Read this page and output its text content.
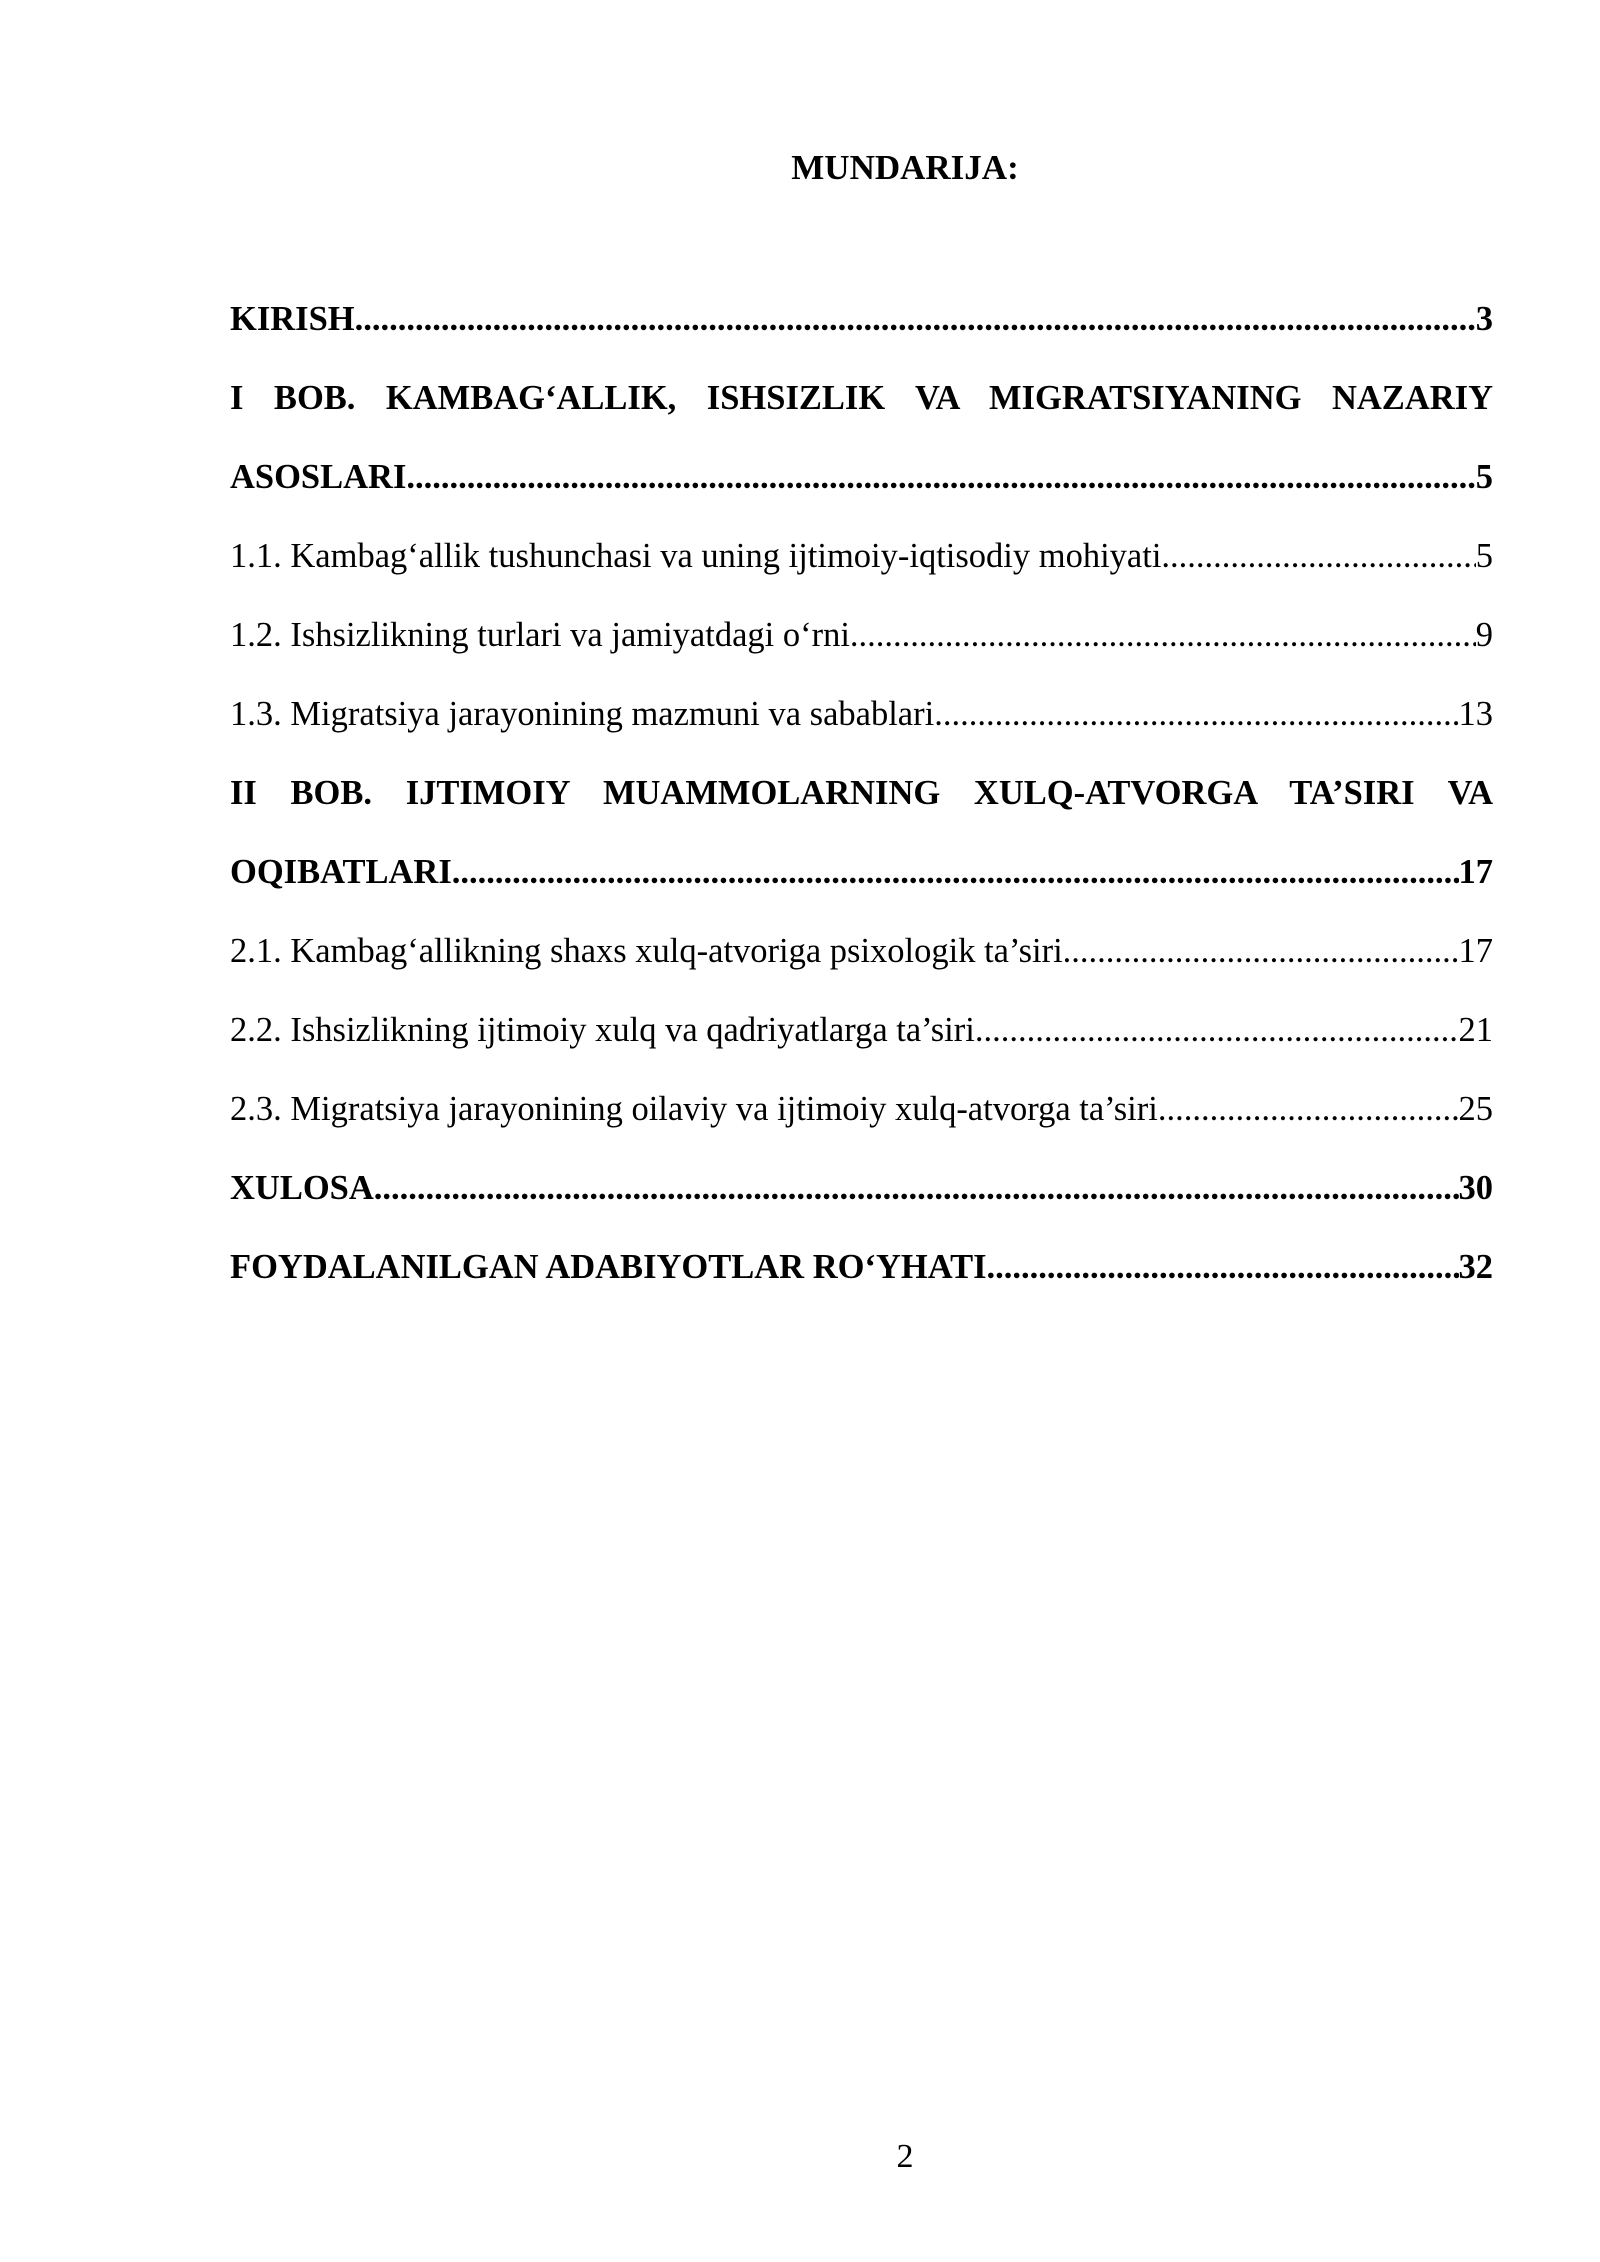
MUNDARIJA:
KIRISH .....	3
I BOB. KAMBAG‘ALLIK, ISHSIZLIK VA MIGRATSIYANING NAZARIY
ASOSLARI .....	5
1.1. Kambag‘allik tushunchasi va uning ijtimoiy-iqtisodiy mohiyati .....	5
1.2. Ishsizlikning turlari va jamiyatdagi o‘rni .....	9
1.3. Migratsiya jarayonining mazmuni va sabablari .....	13
II BOB. IJTIMOIY MUAMMOLARNING XULQ-ATVORGA TA’SIRI VA
OQIBATLARI .....	17
2.1. Kambag‘allikning shaxs xulq-atvoriga psixologik ta’siri .....	17
2.2. Ishsizlikning ijtimoiy xulq va qadriyatlarga ta’siri .....	21
2.3. Migratsiya jarayonining oilaviy va ijtimoiy xulq-atvorga ta’siri .....	25
XULOSA .....	30
FOYDALANILGAN ADABIYOTLAR RO‘YHATI .....	32
2
